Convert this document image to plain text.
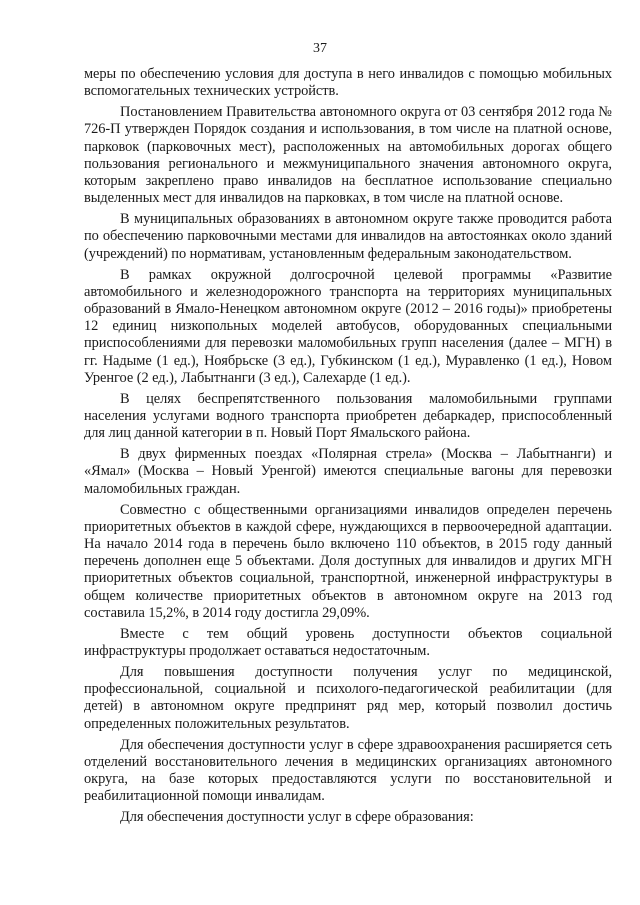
37

меры по обеспечению условия для доступа в него инвалидов с помощью мобильных вспомогательных технических устройств.

Постановлением Правительства автономного округа от 03 сентября 2012 года № 726-П утвержден Порядок создания и использования, в том числе на платной основе, парковок (парковочных мест), расположенных на автомобильных дорогах общего пользования регионального и межмуниципального значения автономного округа, которым закреплено право инвалидов на бесплатное использование специально выделенных мест для инвалидов на парковках, в том числе на платной основе.

В муниципальных образованиях в автономном округе также проводится работа по обеспечению парковочными местами для инвалидов на автостоянках около зданий (учреждений) по нормативам, установленным федеральным законодательством.

В рамках окружной долгосрочной целевой программы «Развитие автомобильного и железнодорожного транспорта на территориях муниципальных образований в Ямало-Ненецком автономном округе (2012 – 2016 годы)» приобретены 12 единиц низкопольных моделей автобусов, оборудованных специальными приспособлениями для перевозки маломобильных групп населения (далее – МГН) в гг. Надыме (1 ед.), Ноябрьске (3 ед.), Губкинском (1 ед.), Муравленко (1 ед.), Новом Уренгое (2 ед.), Лабытнанги (3 ед.), Салехарде (1 ед.).

В целях беспрепятственного пользования маломобильными группами населения услугами водного транспорта приобретен дебаркадер, приспособленный для лиц данной категории в п. Новый Порт Ямальского района.

В двух фирменных поездах «Полярная стрела» (Москва – Лабытнанги) и «Ямал» (Москва – Новый Уренгой) имеются специальные вагоны для перевозки маломобильных граждан.

Совместно с общественными организациями инвалидов определен перечень приоритетных объектов в каждой сфере, нуждающихся в первоочередной адаптации. На начало 2014 года в перечень было включено 110 объектов, в 2015 году данный перечень дополнен еще 5 объектами. Доля доступных для инвалидов и других МГН приоритетных объектов социальной, транспортной, инженерной инфраструктуры в общем количестве приоритетных объектов в автономном округе на 2013 год составила 15,2%, в 2014 году достигла 29,09%.

Вместе с тем общий уровень доступности объектов социальной инфраструктуры продолжает оставаться недостаточным.

Для повышения доступности получения услуг по медицинской, профессиональной, социальной и психолого-педагогической реабилитации (для детей) в автономном округе предпринят ряд мер, который позволил достичь определенных положительных результатов.

Для обеспечения доступности услуг в сфере здравоохранения расширяется сеть отделений восстановительного лечения в медицинских организациях автономного округа, на базе которых предоставляются услуги по восстановительной и реабилитационной помощи инвалидам.

Для обеспечения доступности услуг в сфере образования:
